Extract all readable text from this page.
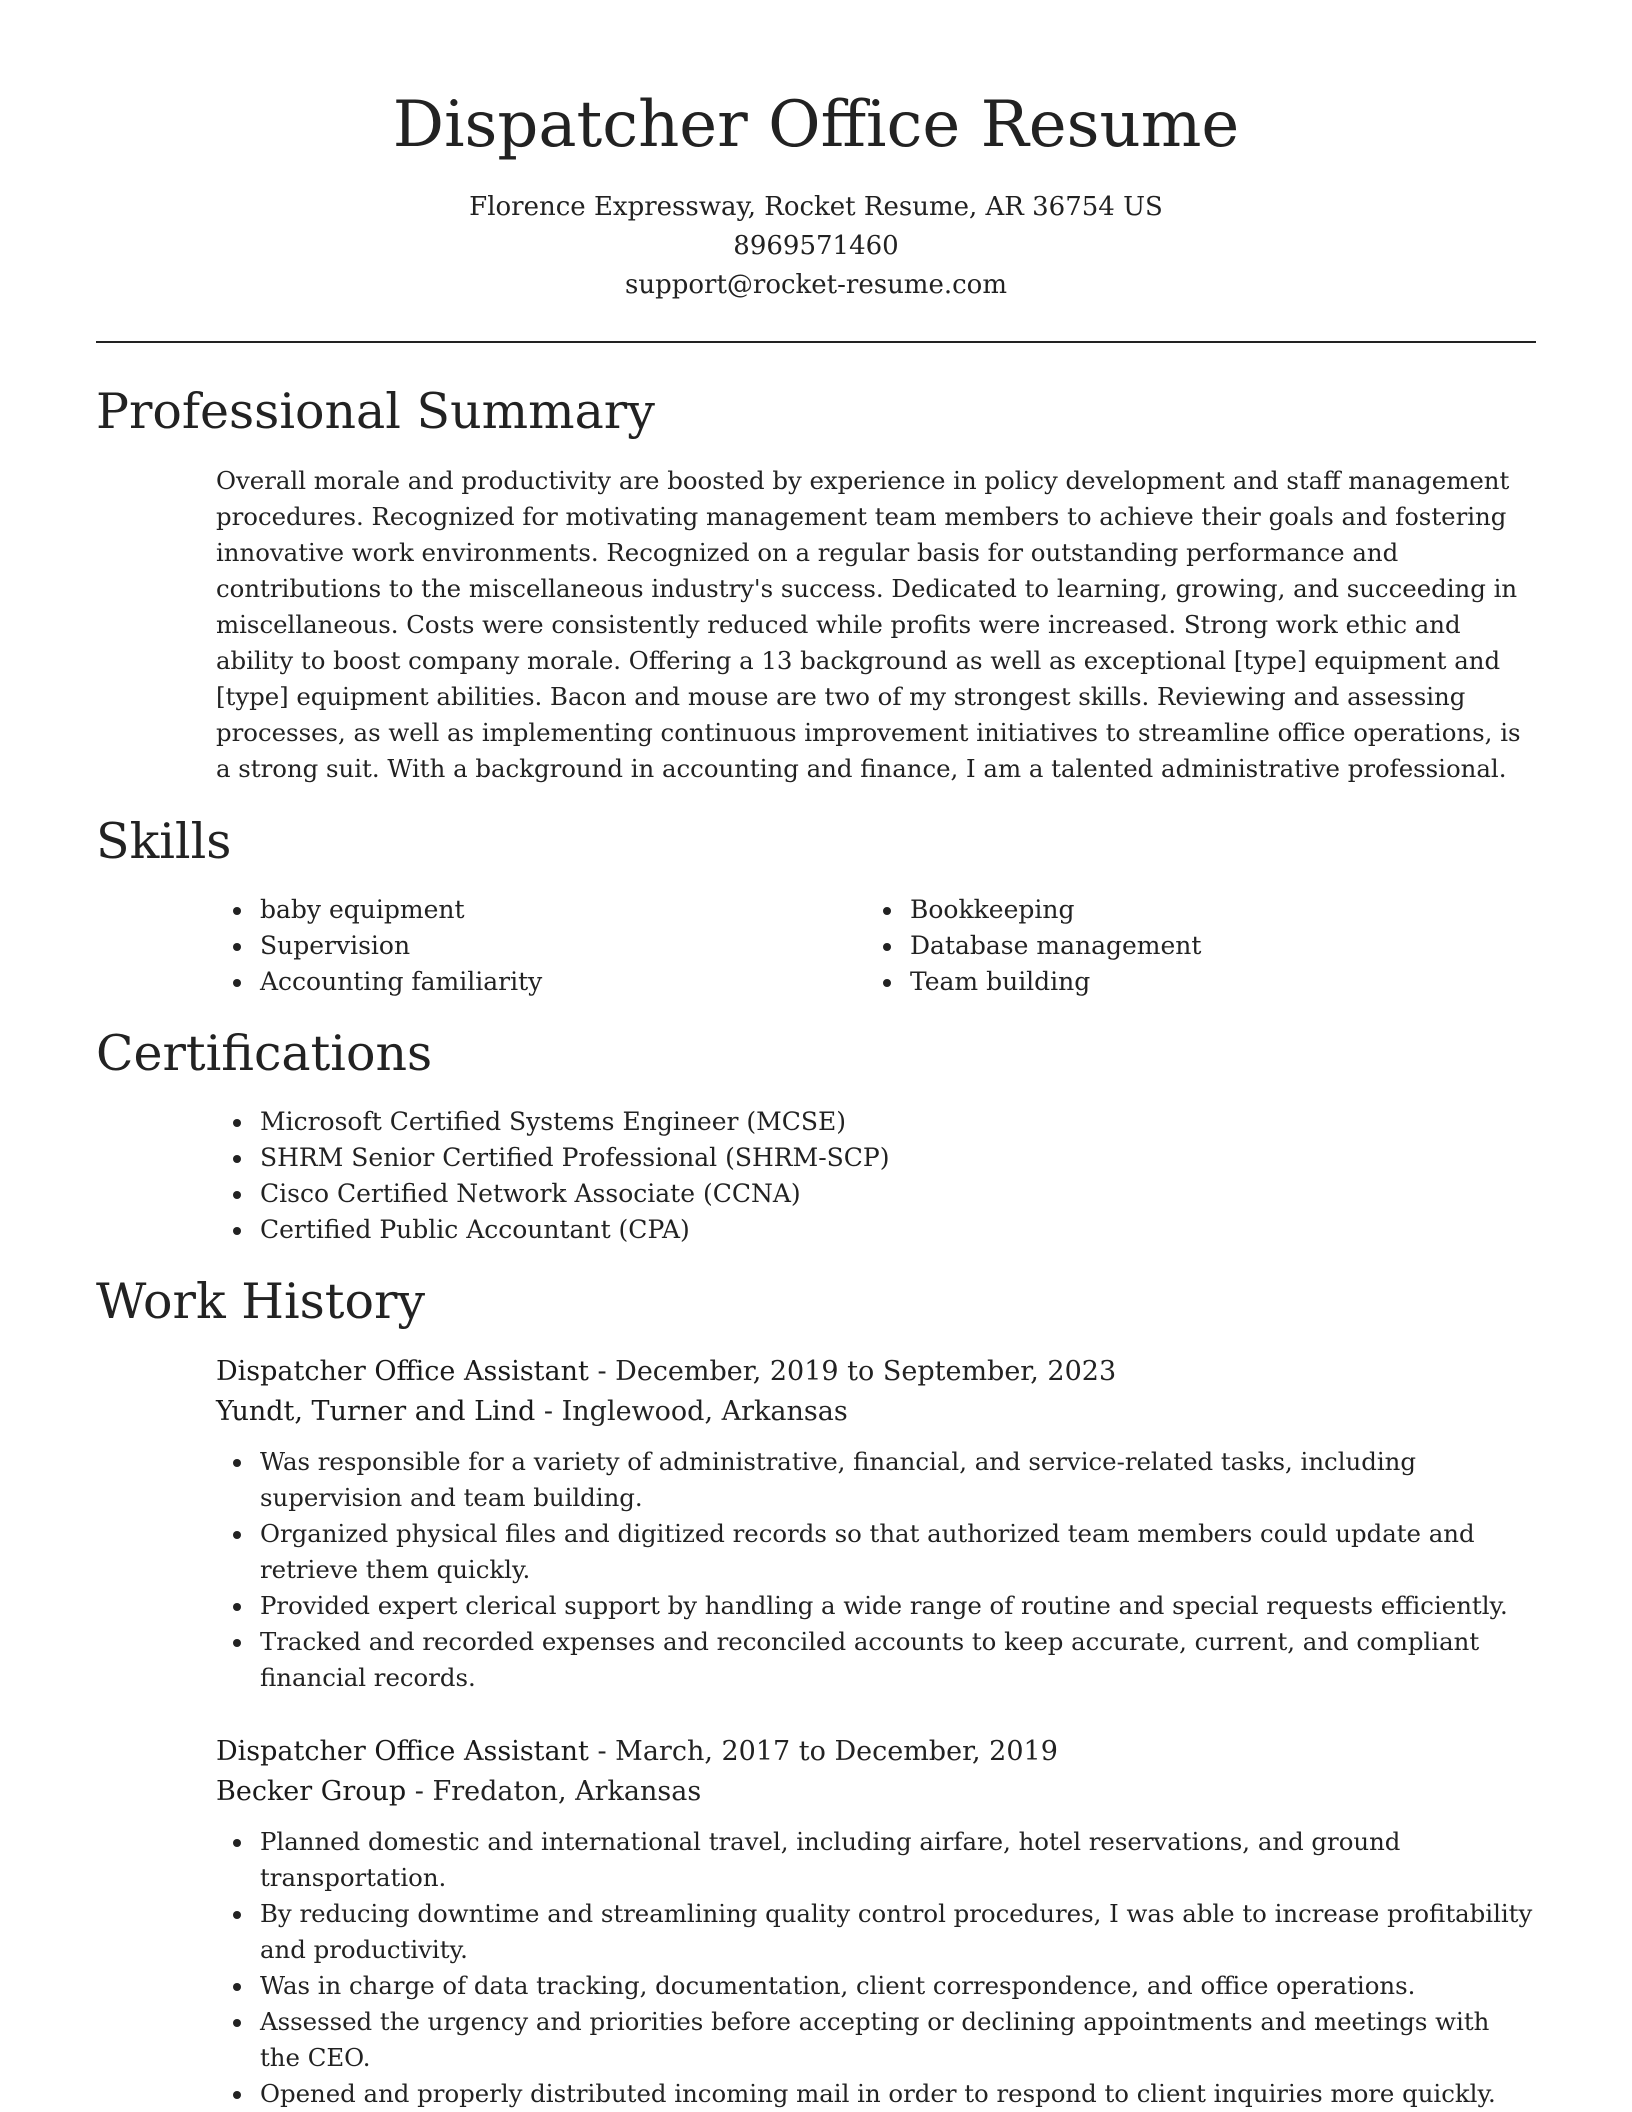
Dispatcher Office Resume
Florence Expressway, Rocket Resume, AR 36754 US
8969571460
support@rocket-resume.com
Professional Summary

Overall morale and productivity are boosted by experience in policy development and staff management procedures. Recognized for motivating management team members to achieve their goals and fostering innovative work environments. Recognized on a regular basis for outstanding performance and contributions to the miscellaneous industry's success. Dedicated to learning, growing, and succeeding in miscellaneous. Costs were consistently reduced while profits were increased. Strong work ethic and ability to boost company morale. Offering a 13 background as well as exceptional [type] equipment and [type] equipment abilities. Bacon and mouse are two of my strongest skills. Reviewing and assessing processes, as well as implementing continuous improvement initiatives to streamline office operations, is a strong suit. With a background in accounting and finance, I am a talented administrative professional.

Skills
baby equipment
Supervision
Accounting familiarity
Bookkeeping
Database management
Team building
Certifications
Microsoft Certified Systems Engineer (MCSE)
SHRM Senior Certified Professional (SHRM-SCP)
Cisco Certified Network Associate (CCNA)
Certified Public Accountant (CPA)
Work History
Dispatcher Office Assistant - December, 2019 to September, 2023
Yundt, Turner and Lind - Inglewood, Arkansas
Was responsible for a variety of administrative, financial, and service-related tasks, including supervision and team building.
Organized physical files and digitized records so that authorized team members could update and retrieve them quickly.
Provided expert clerical support by handling a wide range of routine and special requests efficiently.
Tracked and recorded expenses and reconciled accounts to keep accurate, current, and compliant financial records.
Dispatcher Office Assistant - March, 2017 to December, 2019
Becker Group - Fredaton, Arkansas
Planned domestic and international travel, including airfare, hotel reservations, and ground transportation.
By reducing downtime and streamlining quality control procedures, I was able to increase profitability and productivity.
Was in charge of data tracking, documentation, client correspondence, and office operations.
Assessed the urgency and priorities before accepting or declining appointments and meetings with the CEO.
Opened and properly distributed incoming mail in order to respond to client inquiries more quickly.
